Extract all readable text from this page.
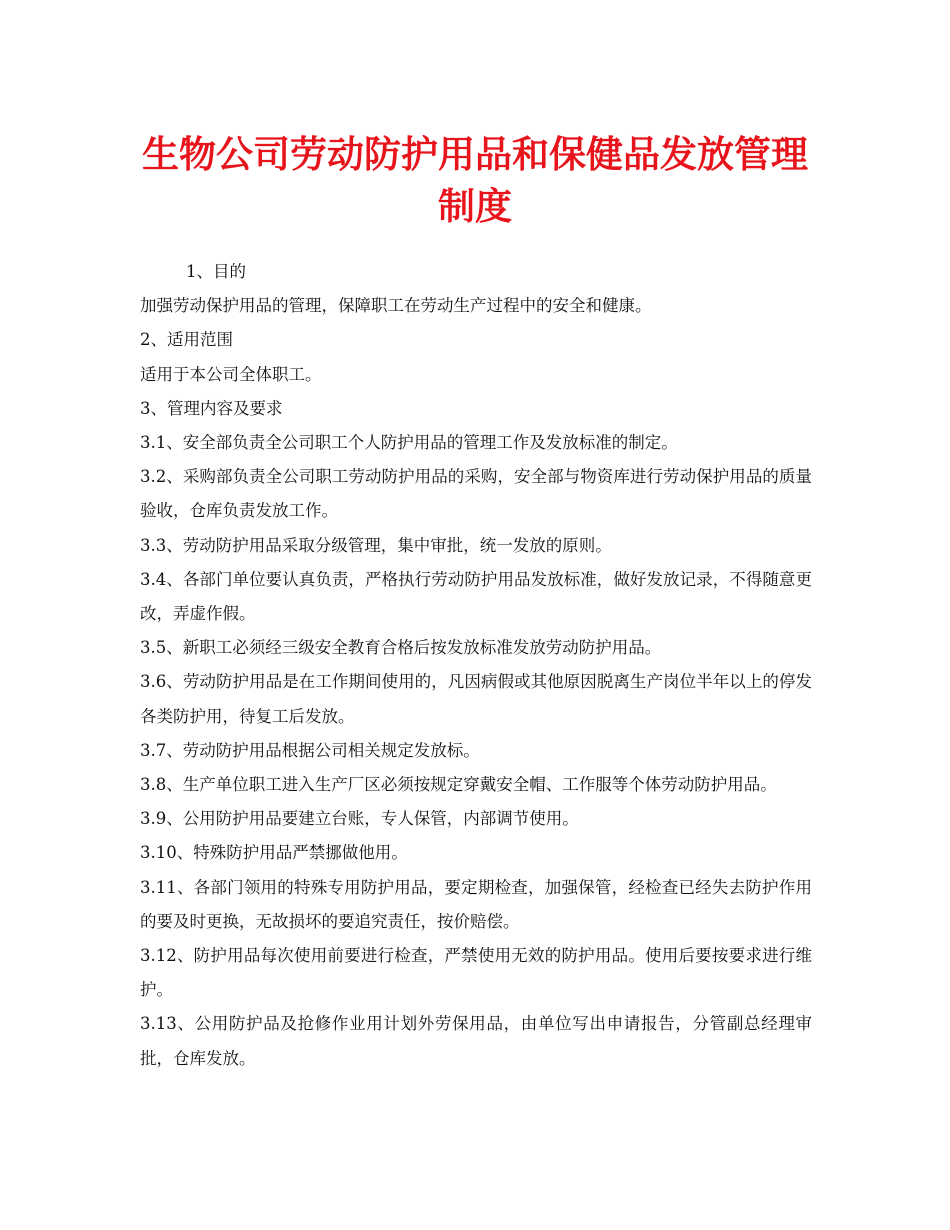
生物公司劳动防护用品和保健品发放管理制度

1、目的

加强劳动保护用品的管理，保障职工在劳动生产过程中的安全和健康。

2、适用范围

适用于本公司全体职工。

3、管理内容及要求

3.1、安全部负责全公司职工个人防护用品的管理工作及发放标准的制定。

3.2、采购部负责全公司职工劳动防护用品的采购，安全部与物资库进行劳动保护用品的质量验收，仓库负责发放工作。

3.3、劳动防护用品采取分级管理，集中审批，统一发放的原则。

3.4、各部门单位要认真负责，严格执行劳动防护用品发放标准，做好发放记录，不得随意更改，弄虚作假。

3.5、新职工必须经三级安全教育合格后按发放标准发放劳动防护用品。

3.6、劳动防护用品是在工作期间使用的，凡因病假或其他原因脱离生产岗位半年以上的停发各类防护用，待复工后发放。

3.7、劳动防护用品根据公司相关规定发放标。

3.8、生产单位职工进入生产厂区必须按规定穿戴安全帽、工作服等个体劳动防护用品。

3.9、公用防护用品要建立台账，专人保管，内部调节使用。

3.10、特殊防护用品严禁挪做他用。

3.11、各部门领用的特殊专用防护用品，要定期检查，加强保管，经检查已经失去防护作用的要及时更换，无故损坏的要追究责任，按价赔偿。

3.12、防护用品每次使用前要进行检查，严禁使用无效的防护用品。使用后要按要求进行维护。

3.13、公用防护品及抢修作业用计划外劳保用品，由单位写出申请报告，分管副总经理审批，仓库发放。
